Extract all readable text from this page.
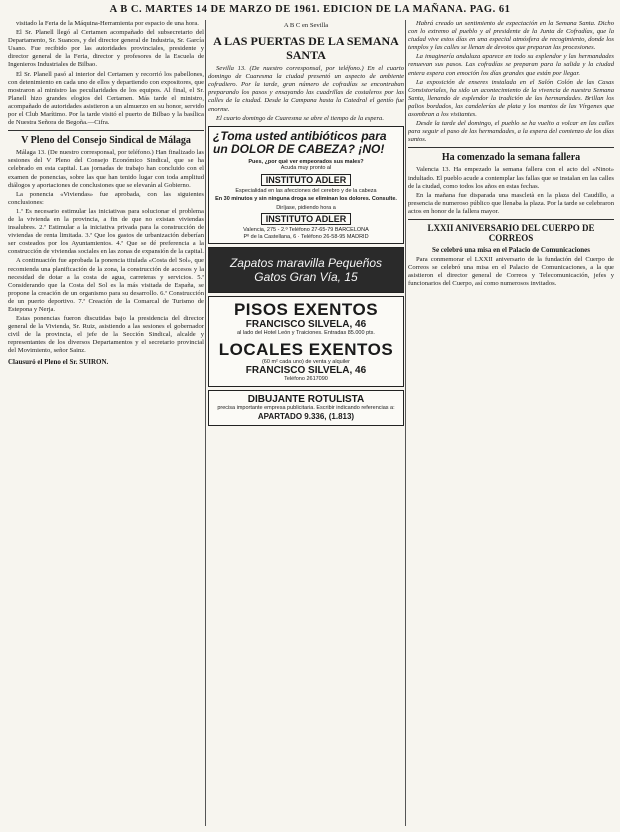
A B C. MARTES 14 DE MARZO DE 1961. EDICION DE LA MAÑANA. PAG. 61

visitado la Feria de la Máquina-Herramienta por espacio de una hora.

El Sr. Planell llegó al Certamen acompañado del subsecretario del Departamento, Sr. Suances, y del director general de Industria, Sr. García Usano. Fue recibido por las autoridades provinciales, presidente y director general de la Feria, director y profesores de la Escuela de Ingenieros Industriales de Bilbao.

El Sr. Planell pasó al interior del Certamen y recorrió los pabellones, con detenimiento en cada uno de ellos y departiendo con expositores, que mostraron al ministro las peculiaridades de los equipos. Al final, el Sr. Planell hizo grandes elogios del Certamen. Más tarde el ministro, acompañado de autoridades asistieron a un almuerzo en su honor, servido por el Club Marítimo. Por la tarde visitó el puerto de Bilbao y la basílica de Nuestra Señora de Begoña.—Cifra.

V Pleno del Consejo Sindical de Málaga

Málaga 13. (De nuestro corresponsal, por teléfono.) Han finalizado las sesiones del V Pleno del Consejo Económico Sindical, que se ha celebrado en esta capital. Las jornadas de trabajo han concluido con el examen de ponencias, sobre las que han tenido lugar con toda amplitud diálogos y aportaciones de conclusiones que se elevarán al Gobierno.

La ponencia «Viviendas» fue aprobada, con las siguientes conclusiones:

1.ª Es necesario estimular las iniciativas para solucionar el problema de la vivienda en la provincia, a fin de que no existan viviendas insalubres. 2.ª Estimular a la iniciativa privada para la construcción de viviendas de renta limitada. 3.ª Que los gastos de urbanización deberían ser costeados por los Ayuntamientos. 4.ª Que se dé preferencia a la construcción de viviendas sociales en las zonas de expansión de la capital.

A continuación fue aprobada la ponencia titulada «Costa del Sol», que recomienda una planificación de la zona, la construcción de accesos y la necesidad de dotar a la costa de agua, carreteras y servicios. 5.ª Considerando que la Costa del Sol es la más visitada de España, se propone la creación de un organismo para su desarrollo. 6.ª Construcción de un puerto deportivo. 7.ª Creación de la Comarcal de Turismo de Estepona y Nerja.

Estas ponencias fueron discutidas bajo la presidencia del director general de la Vivienda, Sr. Ruiz, asistiendo a las sesiones el gobernador civil de la provincia, el jefe de la Sección Sindical, alcalde y representantes de los diversos Departamentos y el secretario provincial del Movimiento, señor Sainz.

Clausuró el Pleno el Sr. SUIRON.
A B C en Sevilla
A LAS PUERTAS DE LA SEMANA SANTA

Sevilla 13. (De nuestro corresponsal, por teléfono.) En el cuarto domingo de Cuaresma la ciudad presentó un aspecto de ambiente cofradiero. Por la tarde, gran número de cofradías se encontraban preparando los pasos y ensayando las cuadrillas de costaleros por las calles de la ciudad. Desde la Campana hasta la Catedral el gentío fue enorme.

El cuarto domingo de Cuaresma se abre el tiempo de la espera.

¿Toma usted antibióticos para un DOLOR DE CABEZA? ¡NO!
Pues, ¿por qué ver empeorados sus males?
Acuda muy pronto al
INSTITUTO ADLER
Especialidad en las afecciones del cerebro y de la cabeza
En 30 minutos y sin ninguna droga se eliminan los dolores. Consulte.
Diríjase, pidiendo hora a
INSTITUTO ADLER
Valencia, 275 - 2.º Teléfono 27-65-79 BARCELONA
Pº de la Castellana, 6 · Teléfono 26-58-95 MADRID
Zapatos maravilla Pequeños Gatos Gran Vía, 15
PISOS EXENTOS
FRANCISCO SILVELA, 46
al lado del Hotel León y Traiciones. Entradas 85.000 pts.
LOCALES EXENTOS
(60 m² cada uno) de venta y alquiler
FRANCISCO SILVELA, 46
Teléfono 2617090
DIBUJANTE ROTULISTA
precisa importante empresa publicitaria. Escribir indicando referencias a:
APARTADO 9.336, (1.813)

Habrá creado un sentimiento de expectación en la Semana Santa. Dicho con lo extremo al pueblo y al presidente de la Junta de Cofradías, que la ciudad vive estos días en una especial atmósfera de recogimiento, donde los templos y las calles se llenan de devotos que preparan las procesiones.

La imaginería andaluza aparece en todo su esplendor y las hermandades renuevan sus pasos. Las cofradías se preparan para la salida y la ciudad entera espera con emoción los días grandes que están por llegar.

La exposición de enseres instalada en el Salón Colón de las Casas Consistoriales, ha sido un acontecimiento de la vivencia de nuestra Semana Santa, llenando de esplendor la tradición de las hermandades. Brillan los palios bordados, las candelerías de plata y los mantos de las Vírgenes que asombran a los visitantes.

Desde la tarde del domingo, el pueblo se ha vuelto a volcar en las calles para seguir el paso de las hermandades, a la espera del comienzo de los días santos.

Ha comenzado la semana fallera

Valencia 13. Ha empezado la semana fallera con el acto del «Ninot» indultado. El pueblo acude a contemplar las fallas que se instalan en las calles de la ciudad, como todos los años en estas fechas.

En la mañana fue disparada una mascletà en la plaza del Caudillo, a presencia de numeroso público que llenaba la plaza. Por la tarde se celebraron actos en honor de la fallera mayor.

LXXII ANIVERSARIO DEL CUERPO DE CORREOS
Se celebró una misa en el Palacio de Comunicaciones

Para conmemorar el LXXII aniversario de la fundación del Cuerpo de Correos se celebró una misa en el Palacio de Comunicaciones, a la que asistieron el director general de Correos y Telecomunicación, jefes y funcionarios del Cuerpo, así como numerosos invitados.
